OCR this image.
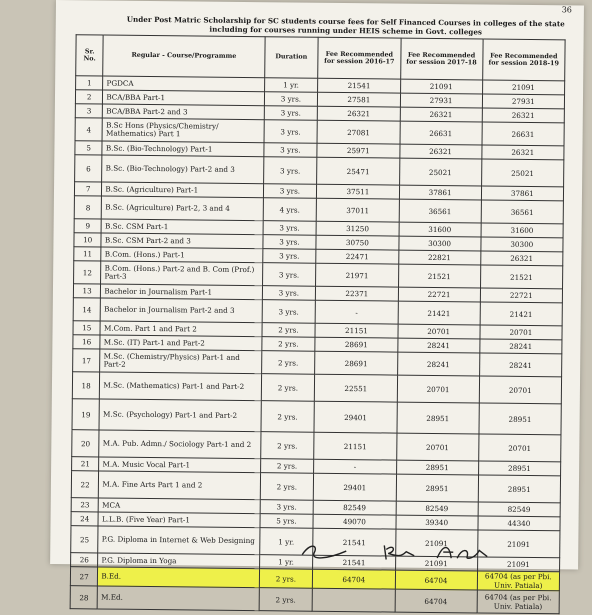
36
Under Post Matric Scholarship for SC students course fees for Self Financed Courses in colleges of the state including for courses running under HEIS scheme in Govt. colleges
Sr. No.	Regular - Course/Programme	Duration	Fee Recommended for session 2016-17	Fee Recommended for session 2017-18	Fee Recommended for session 2018-19
1	PGDCA	1 yr.	21541	21091	21091
2	BCA/BBA Part-1	3 yrs.	27581	27931	27931
3	BCA/BBA Part-2 and 3	3 yrs.	26321	26321	26321
4	B.Sc Hons (Physics/Chemistry/ Mathematics) Part 1	3 yrs.	27081	26631	26631
5	B.Sc. (Bio-Technology) Part-1	3 yrs.	25971	26321	26321
6	B.Sc. (Bio-Technology) Part-2 and 3	3 yrs.	25471	25021	25021
7	B.Sc. (Agriculture) Part-1	3 yrs.	37511	37861	37861
8	B.Sc. (Agriculture) Part-2, 3 and 4	4 yrs.	37011	36561	36561
9	B.Sc. CSM Part-1	3 yrs.	31250	31600	31600
10	B.Sc. CSM Part-2 and 3	3 yrs.	30750	30300	30300
11	B.Com. (Hons.) Part-1	3 yrs.	22471	22821	26321
12	B.Com. (Hons.) Part-2 and B. Com (Prof.) Part-3	3 yrs.	21971	21521	21521
13	Bachelor in Journalism Part-1	3 yrs.	22371	22721	22721
14	Bachelor in Journalism Part-2 and 3	3 yrs.	-	21421	21421
15	M.Com. Part 1 and Part 2	2 yrs.	21151	20701	20701
16	M.Sc. (IT) Part-1 and Part-2	2 yrs.	28691	28241	28241
17	M.Sc. (Chemistry/Physics) Part-1 and Part-2	2 yrs.	28691	28241	28241
18	M.Sc. (Mathematics) Part-1 and Part-2	2 yrs.	22551	20701	20701
19	M.Sc. (Psychology) Part-1 and Part-2	2 yrs.	29401	28951	28951
20	M.A. Pub. Admn./ Sociology Part-1 and 2	2 yrs.	21151	20701	20701
21	M.A. Music Vocal Part-1	2 yrs.	-	28951	28951
22	M.A. Fine Arts Part 1 and 2	2 yrs.	29401	28951	28951
23	MCA	3 yrs.	82549	82549	82549
24	L.L.B. (Five Year) Part-1	5 yrs.	49070	39340	44340
25	P.G. Diploma in Internet & Web Designing	1 yr.	21541	21091	21091
26	P.G. Diploma in Yoga	1 yr.	21541	21091	21091
27	B.Ed.	2 yrs.	64704	64704	64704 (as per Pbi. Univ. Patiala)
28	M.Ed.	2 yrs.		64704	64704 (as per Pbi. Univ. Patiala)
